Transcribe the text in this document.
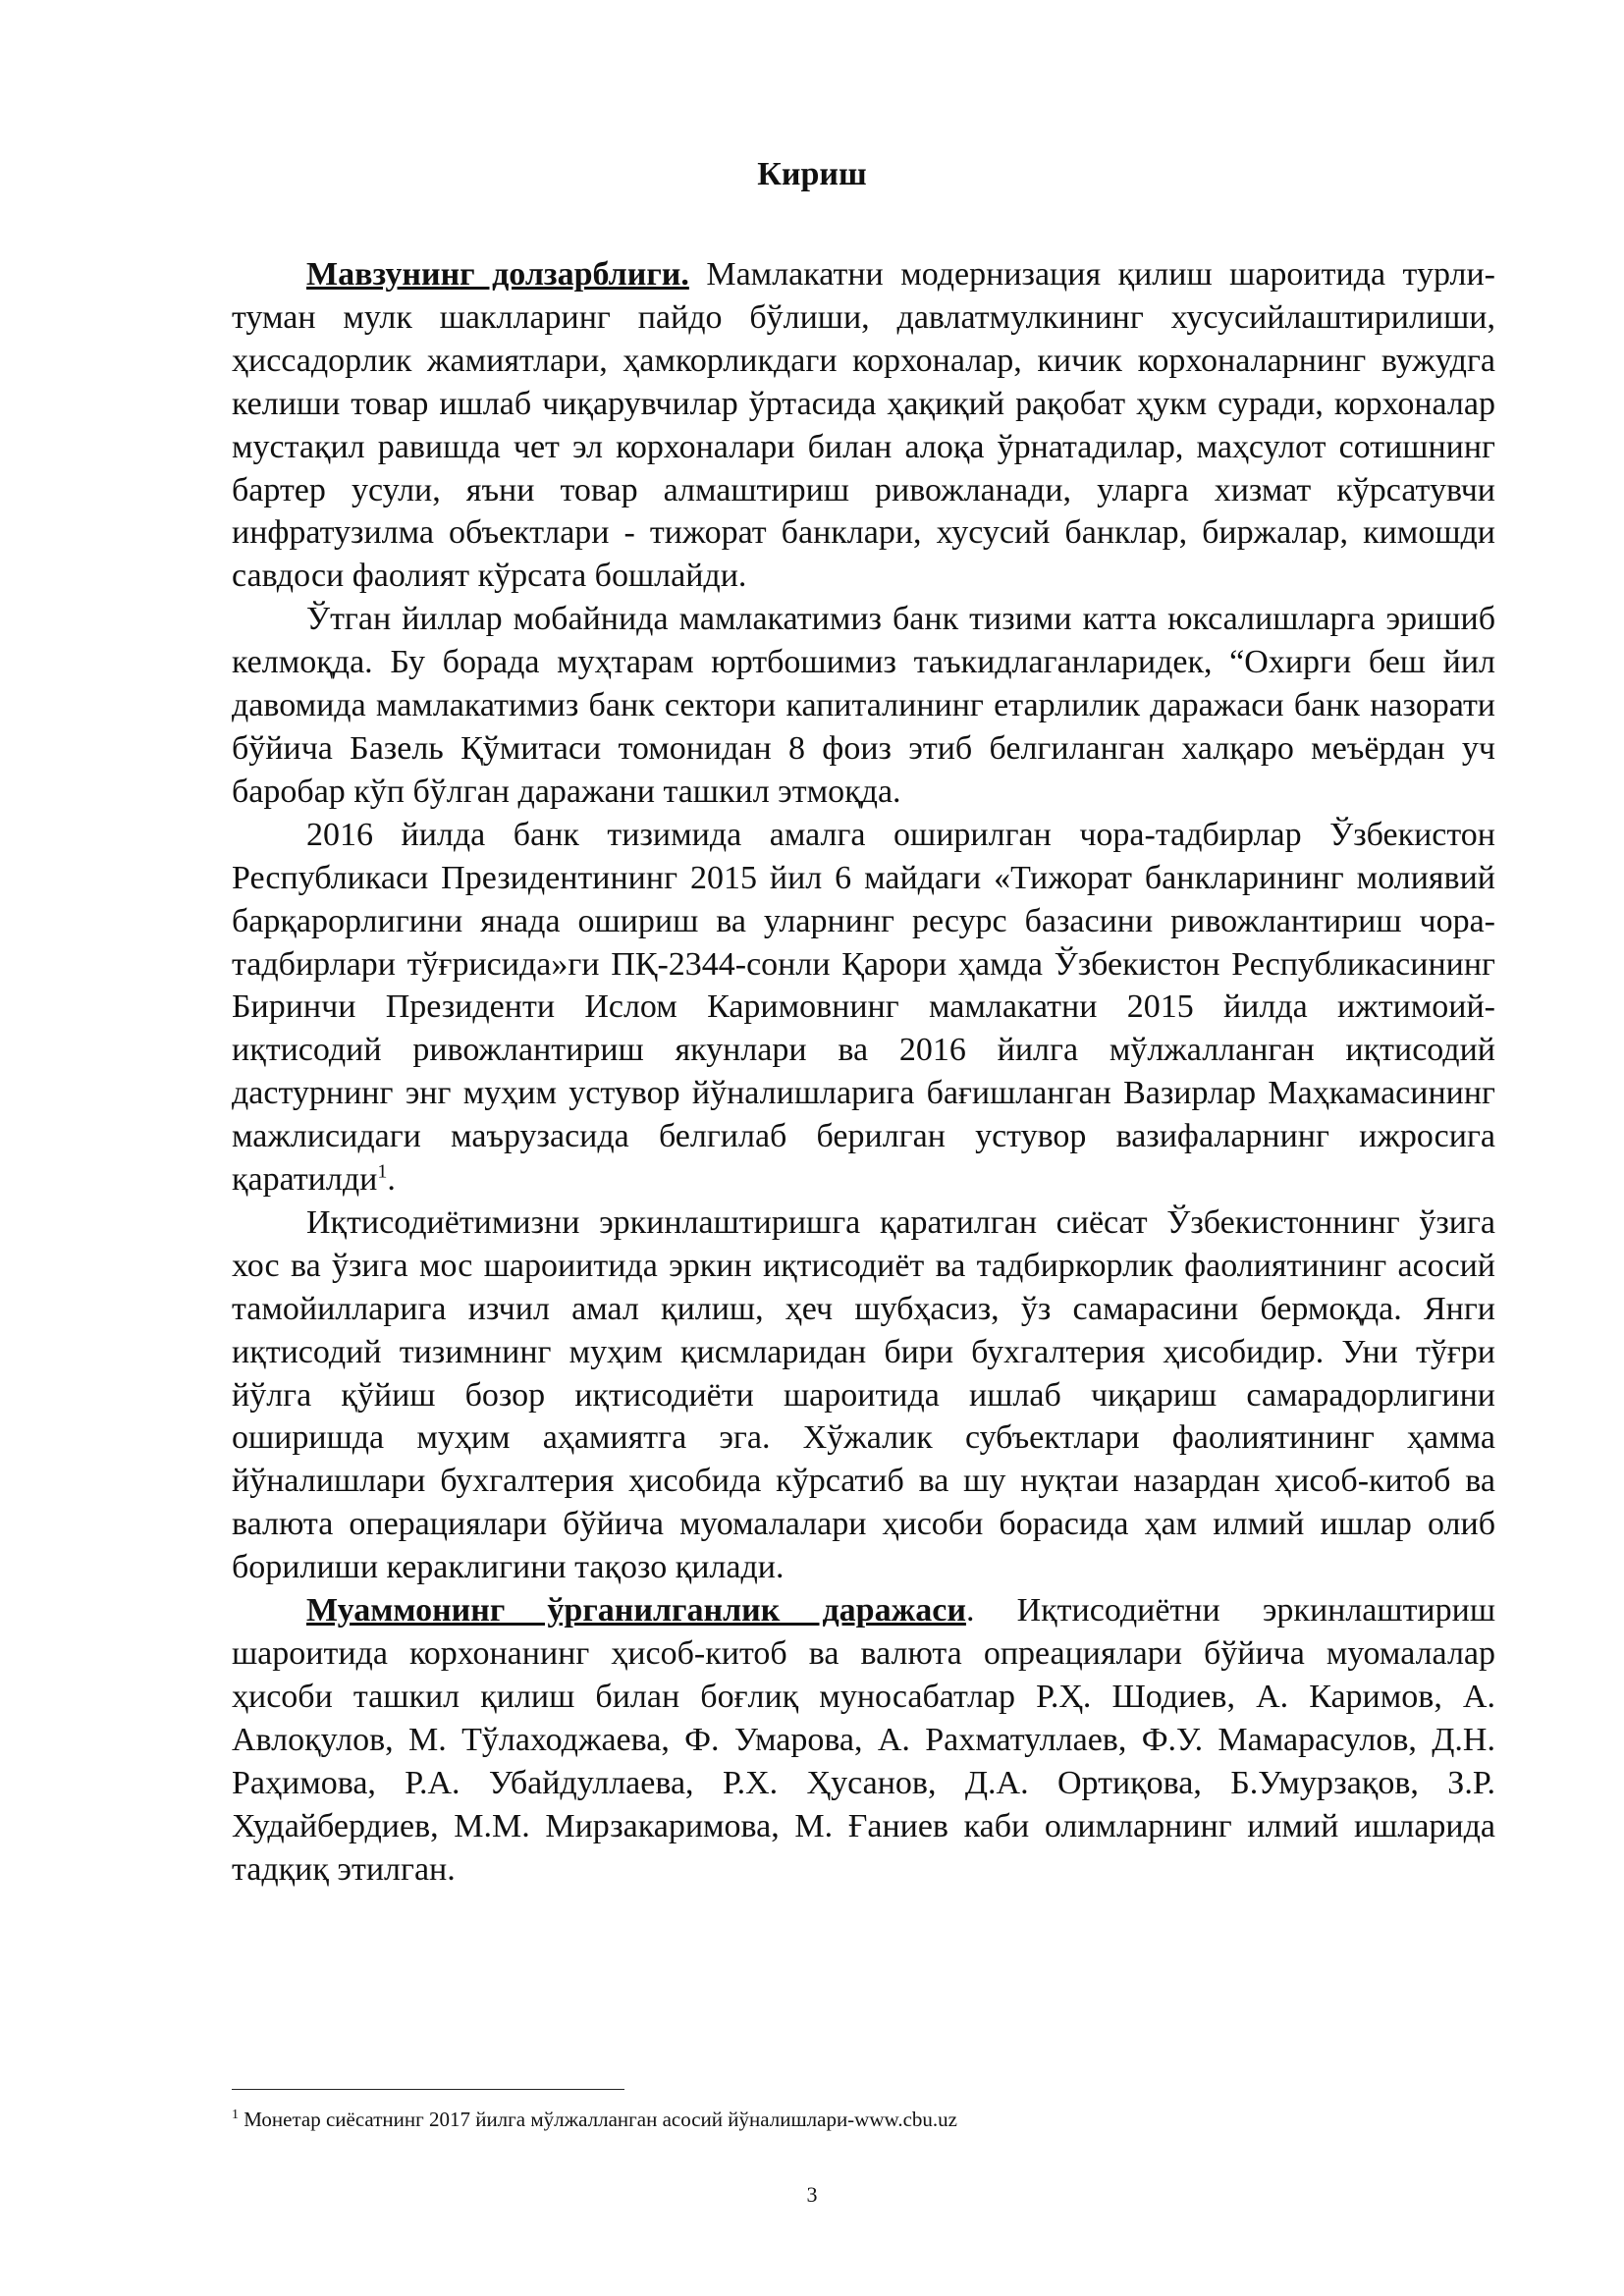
Кириш

Мавзунинг долзарблиги. Мамлакатни модернизация қилиш шароитида турли-туман мулк шаклларинг пайдо бўлиши, давлатмулкининг хусусийлаштирилиши, ҳиссадорлик жамиятлари, ҳамкорликдаги корхоналар, кичик корхоналарнинг вужудга келиши товар ишлаб чиқарувчилар ўртасида ҳақиқий рақобат ҳукм суради, корхоналар мустақил равишда чет эл корхоналари билан алоқа ўрнатадилар, маҳсулот сотишнинг бартер усули, яъни товар алмаштириш ривожланади, уларга хизмат кўрсатувчи инфратузилма объектлари - тижорат банклари, хусусий банклар, биржалар, кимошди савдоси фаолият кўрсата бошлайди.

Ўтган йиллар мобайнида мамлакатимиз банк тизими катта юксалишларга эришиб келмоқда. Бу борада муҳтарам юртбошимиз таъкидлаганларидек, “Охирги беш йил давомида мамлакатимиз банк сектори капиталининг етарлилик даражаси банк назорати бўйича Базель Қўмитаси томонидан 8 фоиз этиб белгиланган халқаро меъёрдан уч баробар кўп бўлган даражани ташкил этмоқда.

2016 йилда банк тизимида амалга оширилган чора-тадбирлар Ўзбекистон Республикаси Президентининг 2015 йил 6 майдаги «Тижорат банкларининг молиявий барқарорлигини янада ошириш ва уларнинг ресурс базасини ривожлантириш чора-тадбирлари тўғрисида»ги ПҚ-2344-сонли Қарори ҳамда Ўзбекистон Республикасининг Биринчи Президенти Ислом Каримовнинг мамлакатни 2015 йилда ижтимоий-иқтисодий ривожлантириш якунлари ва 2016 йилга мўлжалланган иқтисодий дастурнинг энг муҳим устувор йўналишларига бағишланган Вазирлар Маҳкамасининг мажлисидаги маърузасида белгилаб берилган устувор вазифаларнинг ижросига қаратилди$^1$.

Иқтисодиётимизни эркинлаштиришга қаратилган сиёсат Ўзбекистоннинг ўзига хос ва ўзига мос шароиитида эркин иқтисодиёт ва тадбиркорлик фаолиятининг асосий тамойилларига изчил амал қилиш, ҳеч шубҳасиз, ўз самарасини бермоқда. Янги иқтисодий тизимнинг муҳим қисмларидан бири бухгалтерия ҳисобидир. Уни тўғри йўлга қўйиш бозор иқтисодиёти шароитида ишлаб чиқариш самарадорлигини оширишда муҳим аҳамиятга эга. Хўжалик субъектлари фаолиятининг ҳамма йўналишлари бухгалтерия ҳисобида кўрсатиб ва шу нуқтаи назардан ҳисоб-китоб ва валюта операциялари бўйича муомалалари ҳисоби борасида ҳам илмий ишлар олиб борилиши кераклигини тақозо қилади.

Муаммонинг ўрганилганлик даражаси. Иқтисодиётни эркинлаштириш шароитида корхонанинг ҳисоб-китоб ва валюта опреациялари бўйича муомалалар ҳисоби ташкил қилиш билан боғлиқ муносабатлар Р.Ҳ. Шодиев, А. Каримов, А. Авлоқулов, М. Тўлаходжаева, Ф. Умарова, А. Рахматуллаев, Ф.У. Мамарасулов, Д.Н. Раҳимова, Р.А. Убайдуллаева, Р.Х. Ҳусанов, Д.А. Ортиқова, Б.Умурзақов, З.Р. Худайбердиев, М.М. Мирзакаримова, М. Ғаниев каби олимларнинг илмий ишларида тадқиқ этилган.

$^1$ Монетар сиёсатнинг 2017 йилга мўлжалланган асосий йўналишлари-www.cbu.uz
3
